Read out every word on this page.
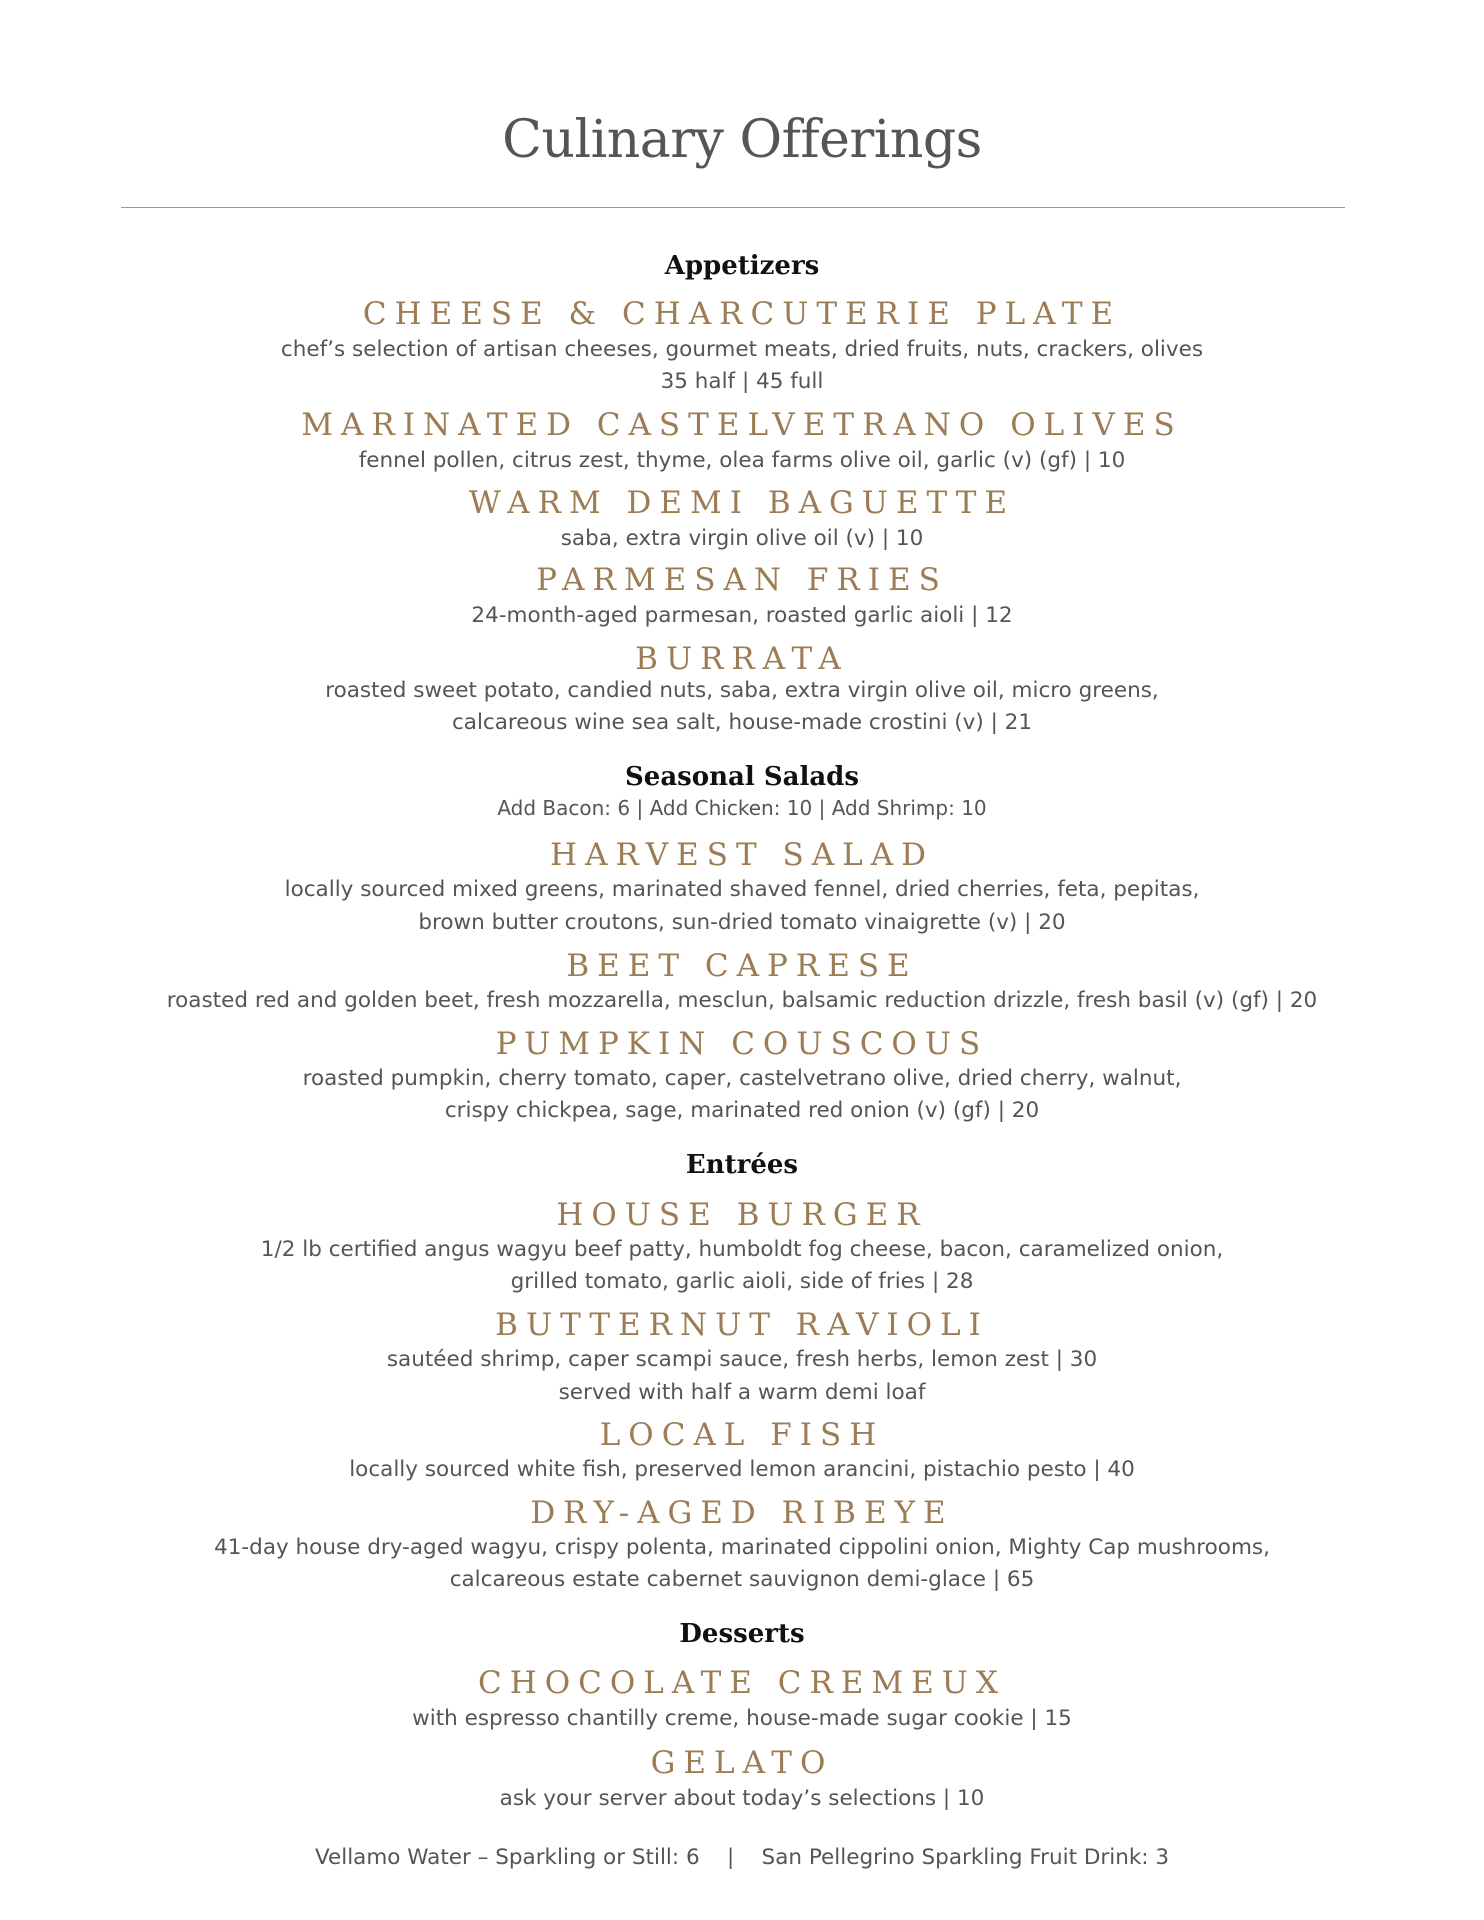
Culinary Offerings
Appetizers
CHEESE & CHARCUTERIE PLATE
chef’s selection of artisan cheeses, gourmet meats, dried fruits, nuts, crackers, olives
35 half | 45 full
MARINATED CASTELVETRANO OLIVES
fennel pollen, citrus zest, thyme, olea farms olive oil, garlic (v) (gf) | 10
WARM DEMI BAGUETTE
saba, extra virgin olive oil (v) | 10
PARMESAN FRIES
24-month-aged parmesan, roasted garlic aioli | 12
BURRATA
roasted sweet potato, candied nuts, saba, extra virgin olive oil, micro greens,
calcareous wine sea salt, house-made crostini (v) | 21
Seasonal Salads
Add Bacon: 6 | Add Chicken: 10 | Add Shrimp: 10
HARVEST SALAD
locally sourced mixed greens, marinated shaved fennel, dried cherries, feta, pepitas,
brown butter croutons, sun-dried tomato vinaigrette (v) | 20
BEET CAPRESE
roasted red and golden beet, fresh mozzarella, mesclun, balsamic reduction drizzle, fresh basil (v) (gf) | 20
PUMPKIN COUSCOUS
roasted pumpkin, cherry tomato, caper, castelvetrano olive, dried cherry, walnut,
crispy chickpea, sage, marinated red onion (v) (gf) | 20
Entrées
HOUSE BURGER
1/2 lb certified angus wagyu beef patty, humboldt fog cheese, bacon, caramelized onion,
grilled tomato, garlic aioli, side of fries | 28
BUTTERNUT RAVIOLI
sautéed shrimp, caper scampi sauce, fresh herbs, lemon zest | 30
served with half a warm demi loaf
LOCAL FISH
locally sourced white fish, preserved lemon arancini, pistachio pesto | 40
DRY-AGED RIBEYE
41-day house dry-aged wagyu, crispy polenta, marinated cippolini onion, Mighty Cap mushrooms,
calcareous estate cabernet sauvignon demi-glace | 65
Desserts
CHOCOLATE CREMEUX
with espresso chantilly creme, house-made sugar cookie | 15
GELATO
ask your server about today’s selections | 10
Vellamo Water – Sparkling or Still: 6    |    San Pellegrino Sparkling Fruit Drink: 3
